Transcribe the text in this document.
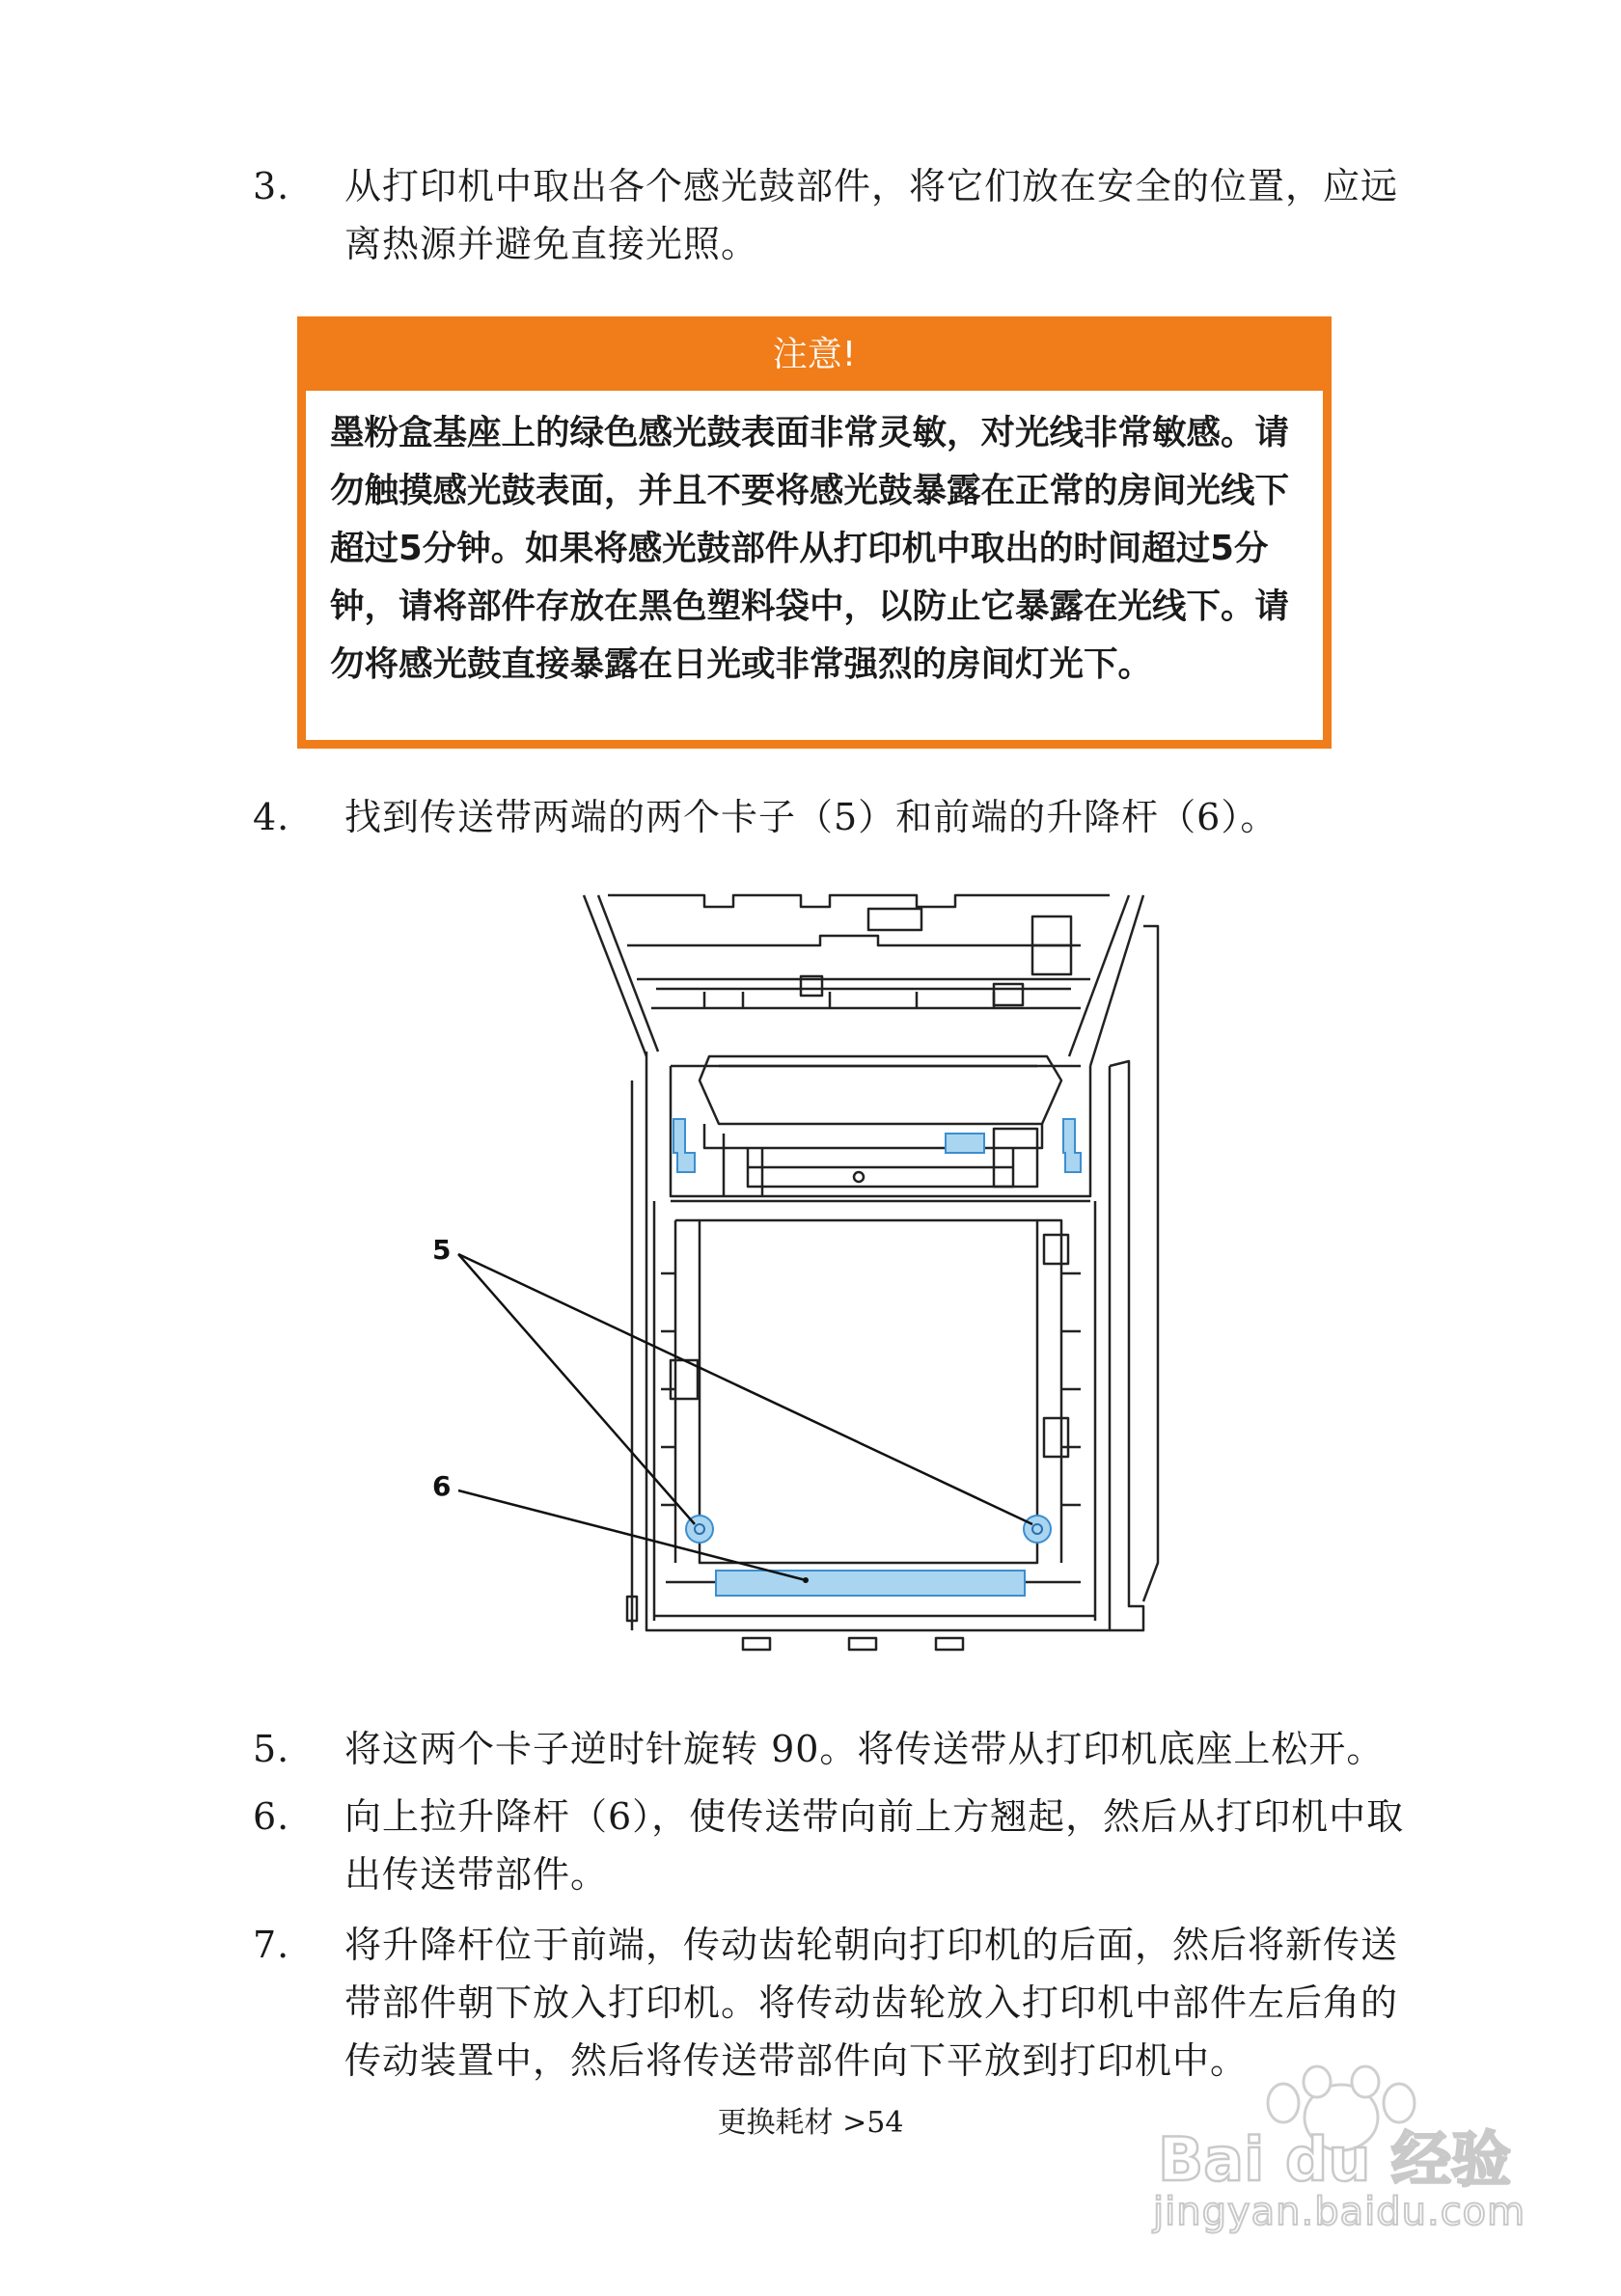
3.	从打印机中取出各个感光鼓部件，将它们放在安全的位置，应远离热源并避免直接光照。
注意!
墨粉盒基座上的绿色感光鼓表面非常灵敏，对光线非常敏感。请勿触摸感光鼓表面，并且不要将感光鼓暴露在正常的房间光线下超过5分钟。如果将感光鼓部件从打印机中取出的时间超过5分钟，请将部件存放在黑色塑料袋中，以防止它暴露在光线下。请勿将感光鼓直接暴露在日光或非常强烈的房间灯光下。
4.	找到传送带两端的两个卡子（5）和前端的升降杆（6）。
5
6
5.	将这两个卡子逆时针旋转 90。将传送带从打印机底座上松开。
6.	向上拉升降杆（6），使传送带向前上方翘起，然后从打印机中取出传送带部件。
7.	将升降杆位于前端，传动齿轮朝向打印机的后面，然后将新传送带部件朝下放入打印机。将传动齿轮放入打印机中部件左后角的传动装置中，然后将传送带部件向下平放到打印机中。
更换耗材 >54
Bai du 经验
jingyan.baidu.com
